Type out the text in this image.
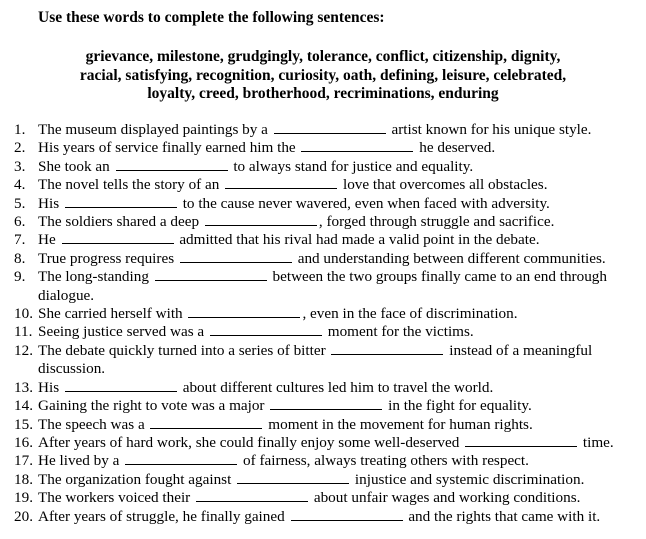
Use these words to complete the following sentences:
grievance, milestone, grudgingly, tolerance, conflict, citizenship, dignity,
racial, satisfying, recognition, curiosity, oath, defining, leisure, celebrated,
loyalty, creed, brotherhood, recriminations, enduring
1. The museum displayed paintings by a	artist known for his unique style.
2. His years of service finally earned him the	he deserved.
3. She took an	to always stand for justice and equality.
4. The novel tells the story of an	love that overcomes all obstacles.
5. His	to the cause never wavered, even when faced with adversity.
6. The soldiers shared a deep	, forged through struggle and sacrifice.
7. He	admitted that his rival had made a valid point in the debate.
8. True progress requires	and understanding between different communities.
9. The long-standing	between the two groups finally came to an end through dialogue.
10. She carried herself with	, even in the face of discrimination.
11. Seeing justice served was a	moment for the victims.
12. The debate quickly turned into a series of bitter	instead of a meaningful discussion.
13. His	about different cultures led him to travel the world.
14. Gaining the right to vote was a major	in the fight for equality.
15. The speech was a	moment in the movement for human rights.
16. After years of hard work, she could finally enjoy some well-deserved	time.
17. He lived by a	of fairness, always treating others with respect.
18. The organization fought against	injustice and systemic discrimination.
19. The workers voiced their	about unfair wages and working conditions.
20. After years of struggle, he finally gained	and the rights that came with it.
